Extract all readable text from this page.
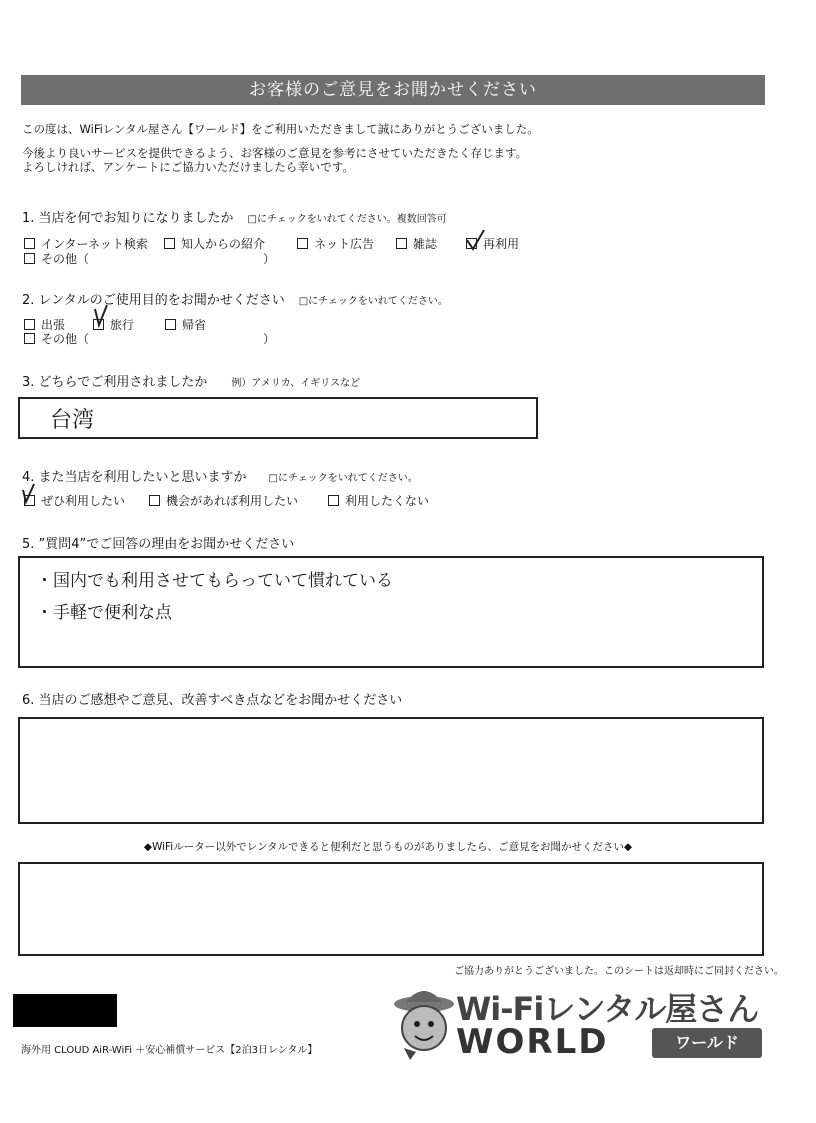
お客様のご意見をお聞かせください
この度は、WiFiレンタル屋さん【ワールド】をご利用いただきまして誠にありがとうございました。
今後より良いサービスを提供できるよう、お客様のご意見を参考にさせていただきたく存じます。
よろしければ、アンケートにご協力いただけましたら幸いです。
1. 当店を何でお知りになりましたか □にチェックをいれてください。複数回答可
インターネット検索	知人からの紹介	ネット広告	雑誌	再利用
その他（	）
2. レンタルのご使用目的をお聞かせください □にチェックをいれてください。
出張	旅行	帰省
その他（	）
3. どちらでご利用されましたか 例）アメリカ、イギリスなど
台湾
4. また当店を利用したいと思いますか □にチェックをいれてください。
ぜひ利用したい	機会があれば利用したい	利用したくない
5. ”質問4”でご回答の理由をお聞かせください
・国内でも利用させてもらっていて慣れている
・手軽で便利な点
6. 当店のご感想やご意見、改善すべき点などをお聞かせください
◆WiFiルーター以外でレンタルできると便利だと思うものがありましたら、ご意見をお聞かせください◆
ご協力ありがとうございました。このシートは返却時にご同封ください。
海外用 CLOUD AiR-WiFi ＋安心補償サービス【2泊3日レンタル】
Wi-Fiレンタル屋さん
WORLD	ワールド
